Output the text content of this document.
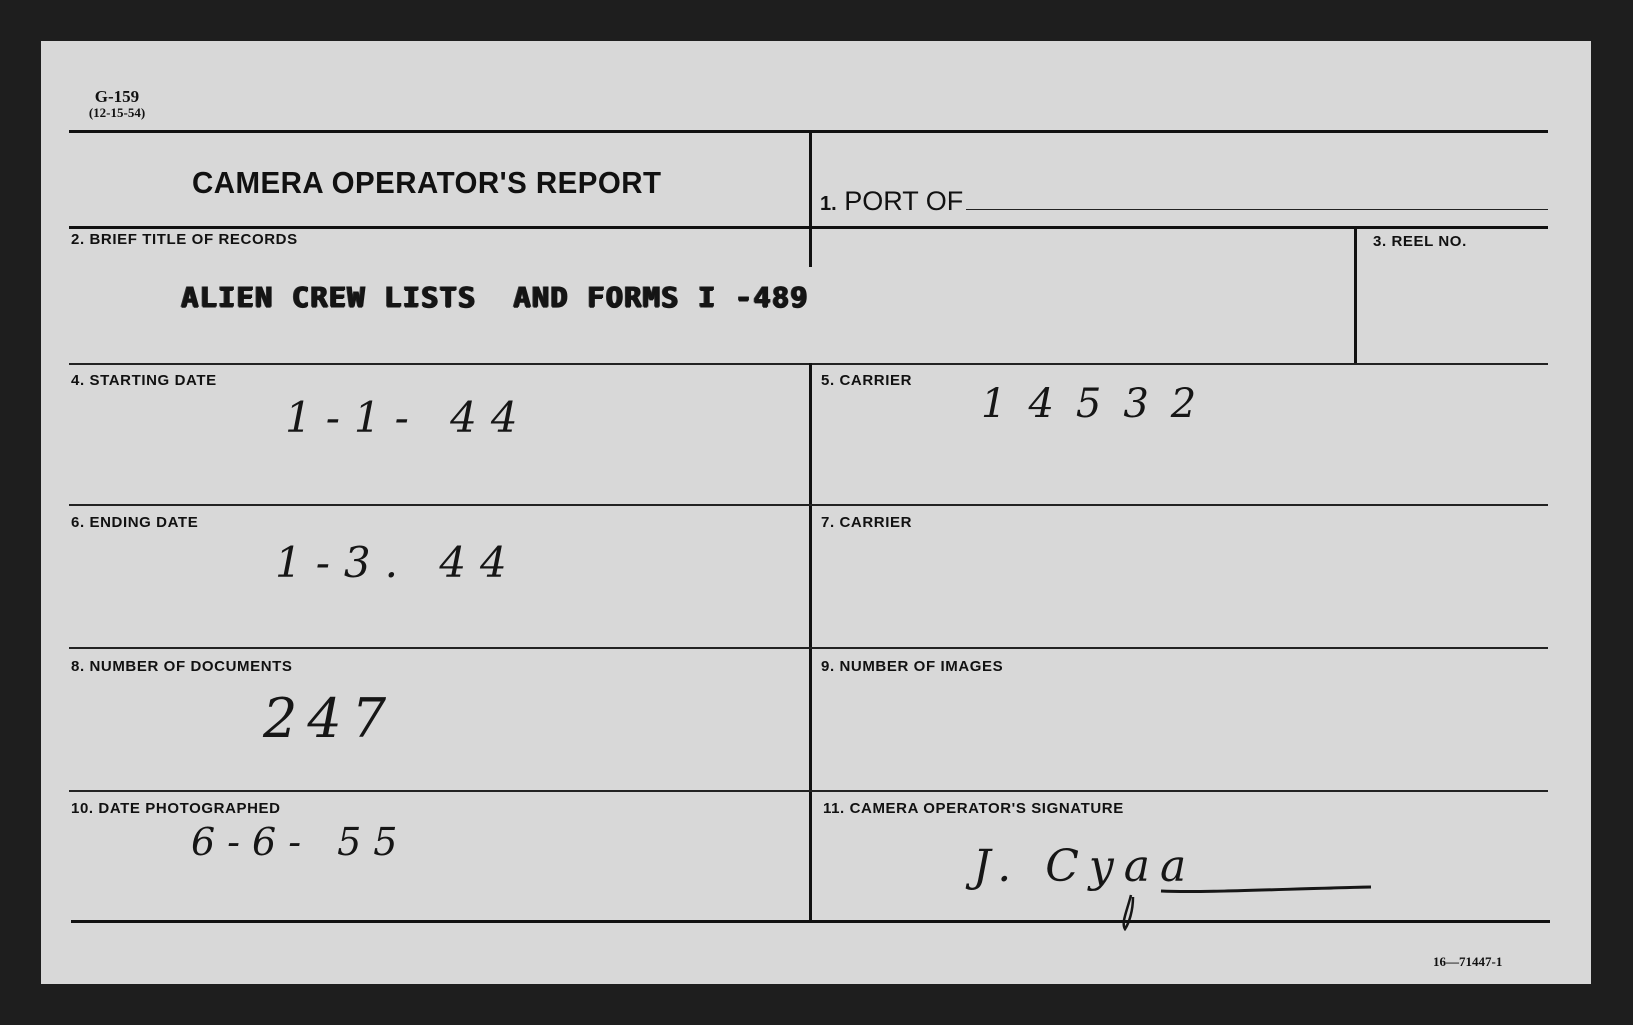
G-159
(12-15-54)
CAMERA OPERATOR'S REPORT
1. PORT OF
2. BRIEF TITLE OF RECORDS
ALIEN CREW LISTS  AND FORMS I -489
3. REEL NO.
4. STARTING DATE
1-1- 44
5. CARRIER
14532
6. ENDING DATE
1-3. 44
7. CARRIER
8. NUMBER OF DOCUMENTS
247
9. NUMBER OF IMAGES
10. DATE PHOTOGRAPHED
6-6- 55
11. CAMERA OPERATOR'S SIGNATURE
J. Cyaa
16—71447-1
